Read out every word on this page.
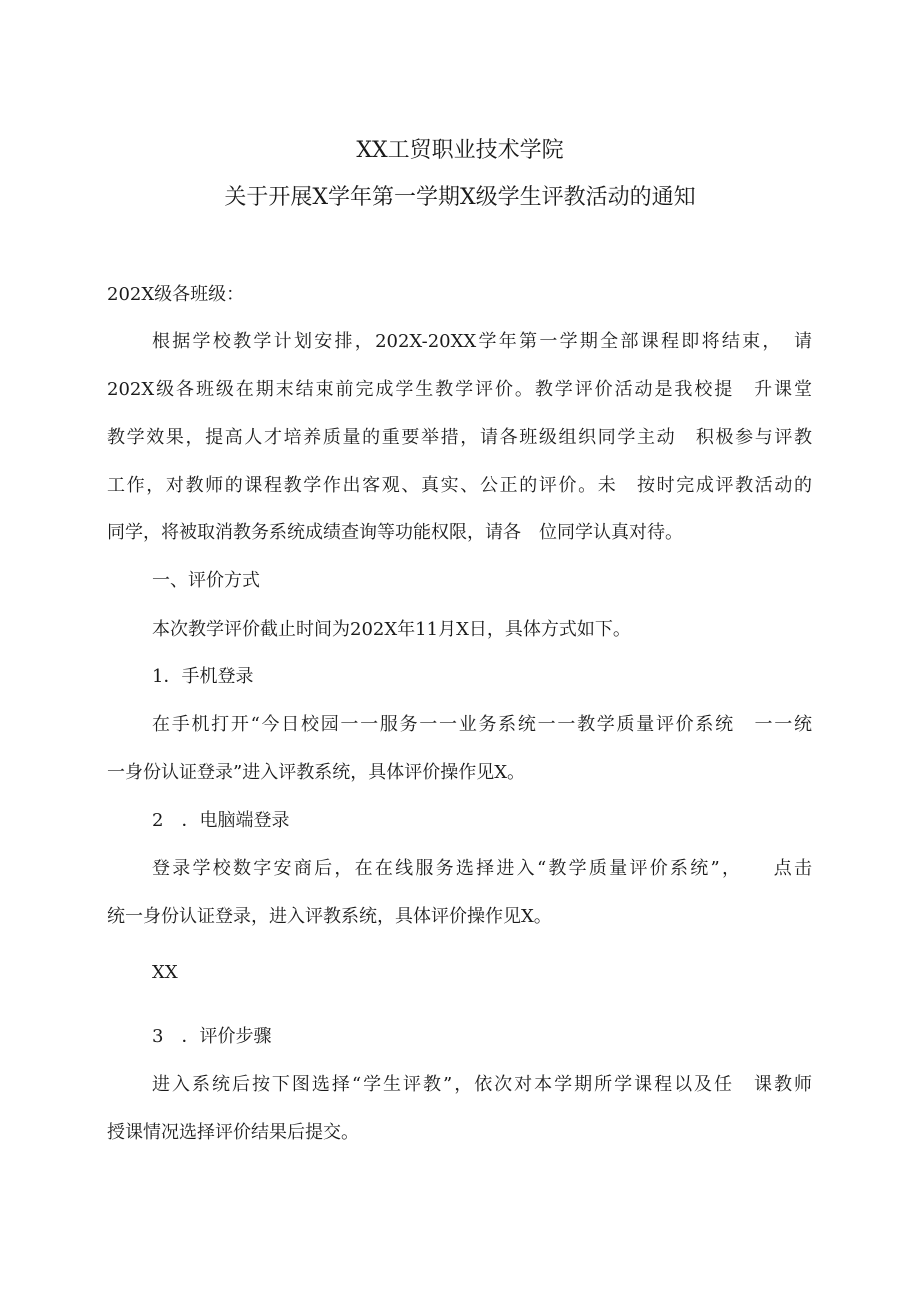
XX工贸职业技术学院
关于开展X学年第一学期X级学生评教活动的通知
202X级各班级：
根据学校教学计划安排，202X-20XX学年第一学期全部课程即将结束，　请
202X级各班级在期末结束前完成学生教学评价。教学评价活动是我校提　升课堂
教学效果，提高人才培养质量的重要举措，请各班级组织同学主动　积极参与评教
工作，对教师的课程教学作出客观、真实、公正的评价。未　按时完成评教活动的
同学，将被取消教务系统成绩查询等功能权限，请各　位同学认真对待。
一、评价方式
本次教学评价截止时间为202X年11月X日，具体方式如下。
1．手机登录
在手机打开“今日校园一一服务一一业务系统一一教学质量评价系统　一一统
一身份认证登录”进入评教系统，具体评价操作见X。
2　．电脑端登录
登录学校数字安商后，在在线服务选择进入“教学质量评价系统”，　　点击
统一身份认证登录，进入评教系统，具体评价操作见X。
XX
3　．评价步骤
进入系统后按下图选择“学生评教”，依次对本学期所学课程以及任　课教师
授课情况选择评价结果后提交。
